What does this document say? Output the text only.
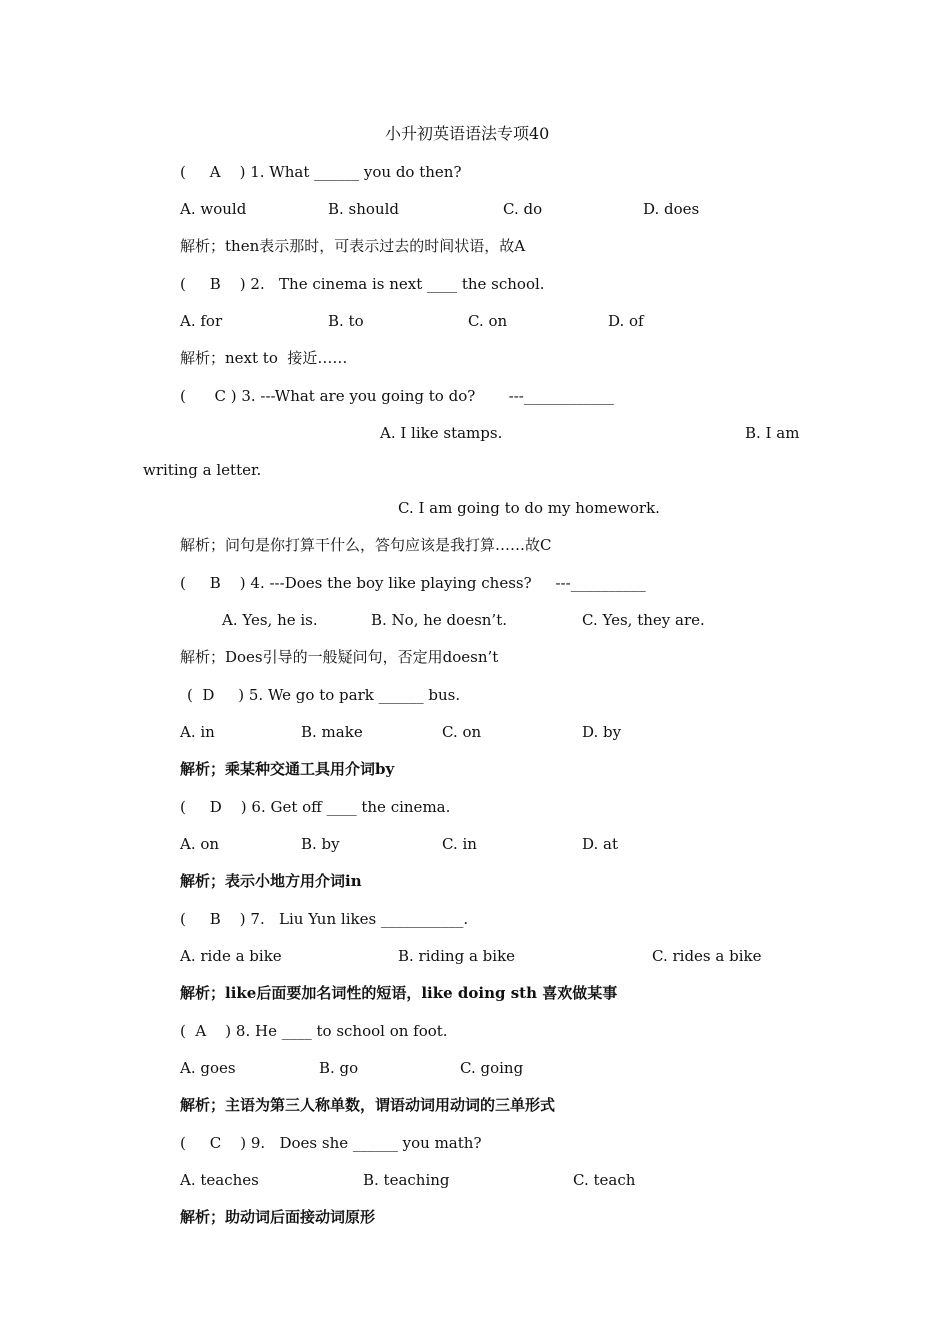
小升初英语语法专项40
(     A    ) 1. What ______ you do then?
A. would	B. should	C. do	D. does
解析；then表示那时，可表示过去的时间状语，故A
(     B    ) 2.   The cinema is next ____ the school.
A. for	B. to	C. on	D. of
解析；next to  接近……
(      C ) 3. ---What are you going to do?       ---____________
A. I like stamps.	B. I am
writing a letter.
C. I am going to do my homework.
解析；问句是你打算干什么，答句应该是我打算……故C
(     B    ) 4. ---Does the boy like playing chess?     ---__________
A. Yes, he is.	B. No, he doesn’t.	C. Yes, they are.
解析；Does引导的一般疑问句，否定用doesn’t
(  D     ) 5. We go to park ______ bus.
A. in	B. make	C. on	D. by
解析；乘某种交通工具用介词by
(     D    ) 6. Get off ____ the cinema.
A. on	B. by	C. in	D. at
解析；表示小地方用介词in
(     B    ) 7.   Liu Yun likes ___________.
A. ride a bike	B. riding a bike	C. rides a bike
解析；like后面要加名词性的短语，like doing sth 喜欢做某事
(  A    ) 8. He ____ to school on foot.
A. goes	B. go	C. going
解析；主语为第三人称单数，谓语动词用动词的三单形式
(     C    ) 9.   Does she ______ you math?
A. teaches	B. teaching	C. teach
解析；助动词后面接动词原形
